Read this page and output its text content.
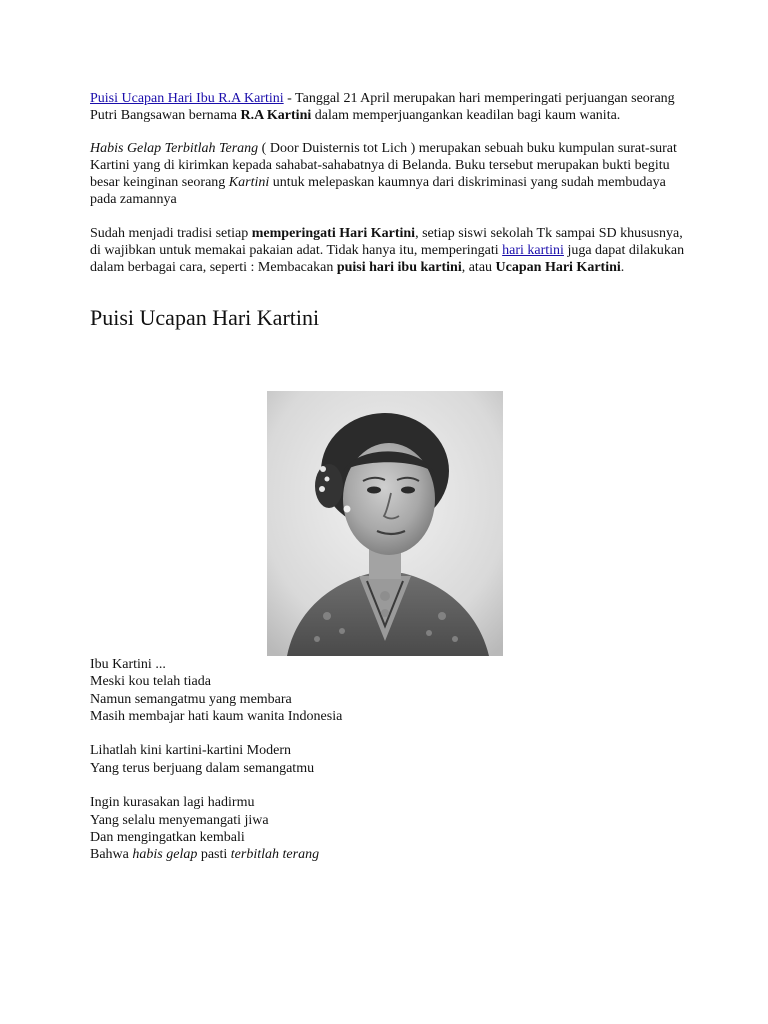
Puisi Ucapan Hari Ibu R.A Kartini - Tanggal 21 April merupakan hari memperingati perjuangan seorang Putri Bangsawan bernama R.A Kartini dalam memperjuangankan keadilan bagi kaum wanita.

Habis Gelap Terbitlah Terang ( Door Duisternis tot Lich ) merupakan sebuah buku kumpulan surat-surat Kartini yang di kirimkan kepada sahabat-sahabatnya di Belanda. Buku tersebut merupakan bukti begitu besar keinginan seorang Kartini untuk melepaskan kaumnya dari diskriminasi yang sudah membudaya pada zamannya

Sudah menjadi tradisi setiap memperingati Hari Kartini, setiap siswi sekolah Tk sampai SD khususnya, di wajibkan untuk memakai pakaian adat. Tidak hanya itu, memperingati hari kartini juga dapat dilakukan dalam berbagai cara, seperti : Membacakan puisi hari ibu kartini, atau Ucapan Hari Kartini.

Puisi Ucapan Hari Kartini
Ibu Kartini ...
Meski kou telah tiada
Namun semangatmu yang membara
Masih membajar hati kaum wanita Indonesia
Lihatlah kini kartini-kartini Modern
Yang terus berjuang dalam semangatmu
Ingin kurasakan lagi hadirmu
Yang selalu menyemangati jiwa
Dan mengingatkan kembali
Bahwa habis gelap pasti terbitlah terang
